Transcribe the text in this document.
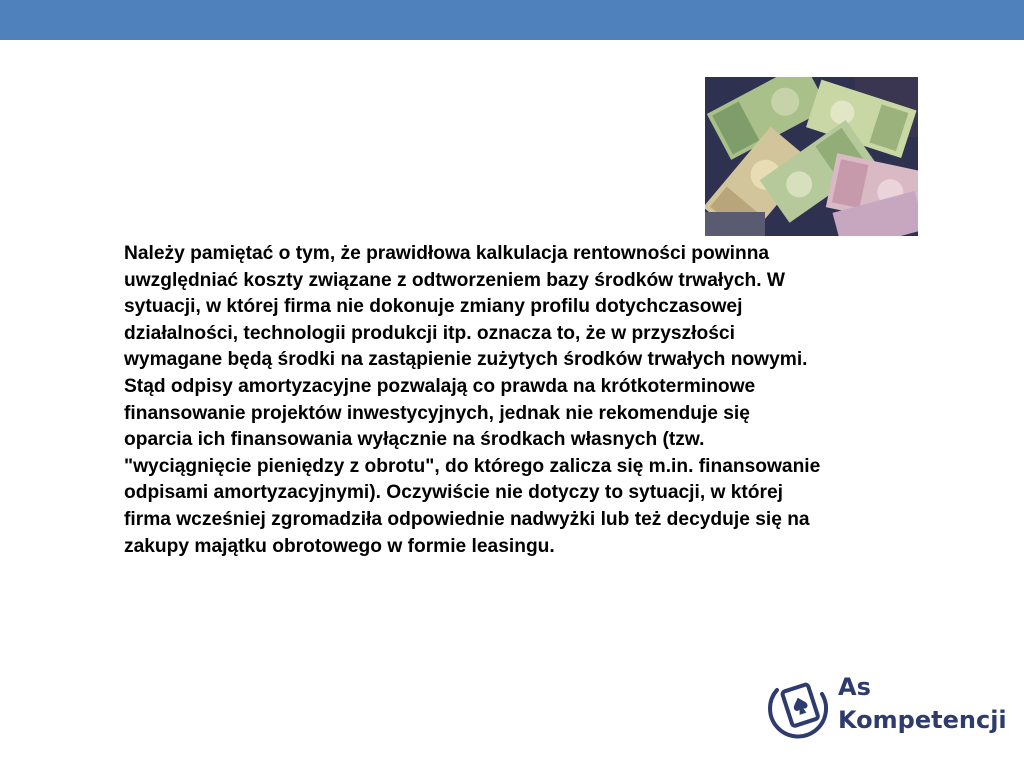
Należy pamiętać o tym, że prawidłowa kalkulacja rentowności powinna
uwzględniać koszty związane z odtworzeniem bazy środków trwałych. W
sytuacji, w której firma nie dokonuje zmiany profilu dotychczasowej
działalności, technologii produkcji itp. oznacza to, że w przyszłości
wymagane będą środki na zastąpienie zużytych środków trwałych nowymi.
Stąd odpisy amortyzacyjne pozwalają co prawda na krótkoterminowe
finansowanie projektów inwestycyjnych, jednak nie rekomenduje się
oparcia ich finansowania wyłącznie na środkach własnych (tzw.
"wyciągnięcie pieniędzy z obrotu", do którego zalicza się m.in. finansowanie
odpisami amortyzacyjnymi). Oczywiście nie dotyczy to sytuacji, w której
firma wcześniej zgromadziła odpowiednie nadwyżki lub też decyduje się na
zakupy majątku obrotowego w formie leasingu.
As
Kompetencji
